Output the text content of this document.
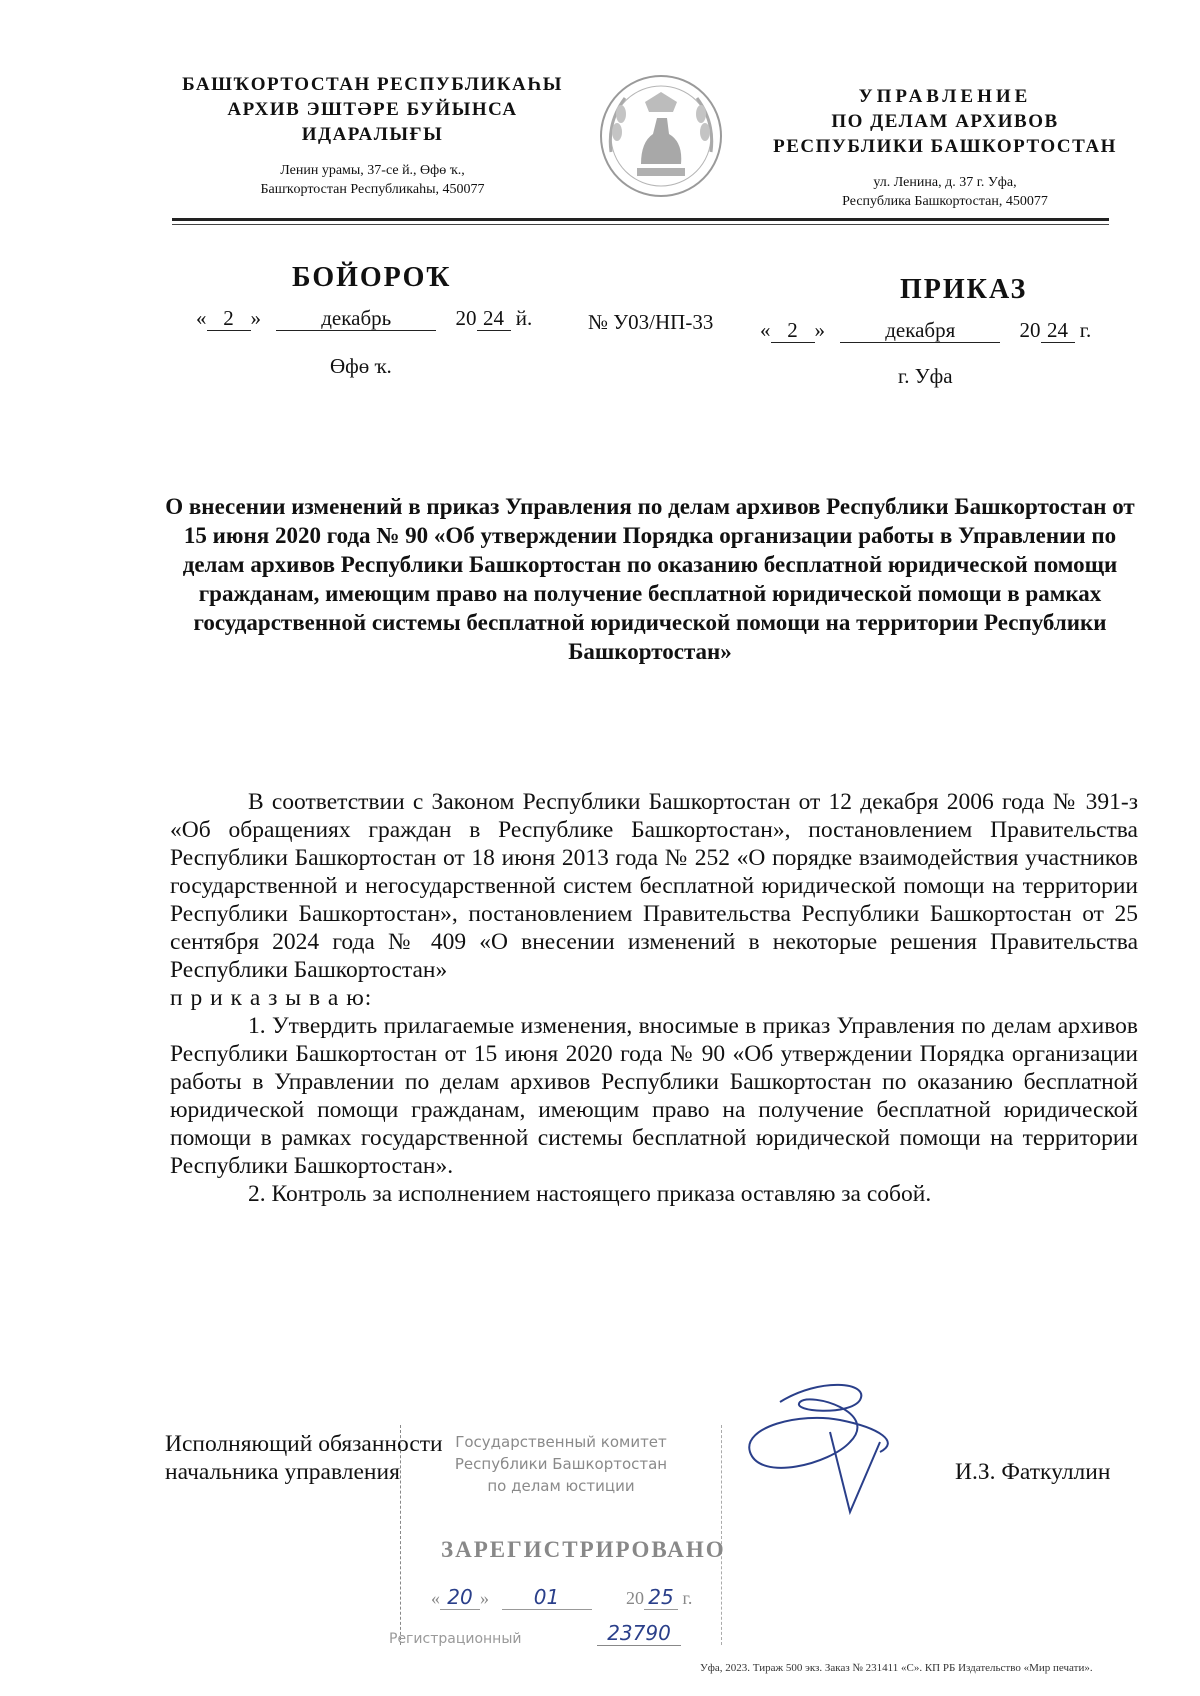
БАШҠОРТОСТАН РЕСПУБЛИКАҺЫ
АРХИВ ЭШТӘРЕ БУЙЫНСА
ИДАРАЛЫҒЫ
Ленин урамы, 37-се й., Өфө ҡ.,
Башҡортостан Республикаһы, 450077
УПРАВЛЕНИЕ
ПО ДЕЛАМ АРХИВОВ
РЕСПУБЛИКИ БАШКОРТОСТАН
ул. Ленина, д. 37 г. Уфа,
Республика Башкортостан, 450077
БОЙОРОҠ	ПРИКАЗ
« 2 »	декабрь	20 24 й.
Өфө ҡ.
№ У03/НП-33 « 2 »	декабря	20 24 г.
г. Уфа
О внесении изменений в приказ Управления по делам архивов Республики Башкортостан от 15 июня 2020 года № 90 «Об утверждении Порядка организации работы в Управлении по делам архивов Республики Башкортостан по оказанию бесплатной юридической помощи гражданам, имеющим право на получение бесплатной юридической помощи в рамках государственной системы бесплатной юридической помощи на территории Республики Башкортостан»

В соответствии с Законом Республики Башкортостан от 12 декабря 2006 года № 391-з «Об обращениях граждан в Республике Башкортостан», постановлением Правительства Республики Башкортостан от 18 июня 2013 года № 252 «О порядке взаимодействия участников государственной и негосударственной систем бесплатной юридической помощи на территории Республики Башкортостан», постановлением Правительства Республики Башкортостан от 25 сентября 2024 года № 409 «О внесении изменений в некоторые решения Правительства Республики Башкортостан»

п р и к а з ы в а ю:

1. Утвердить прилагаемые изменения, вносимые в приказ Управления по делам архивов Республики Башкортостан от 15 июня 2020 года № 90 «Об утверждении Порядка организации работы в Управлении по делам архивов Республики Башкортостан по оказанию бесплатной юридической помощи гражданам, имеющим право на получение бесплатной юридической помощи в рамках государственной системы бесплатной юридической помощи на территории Республики Башкортостан».

2. Контроль за исполнением настоящего приказа оставляю за собой.

Исполняющий обязанности
начальника управления	И.З. Фаткуллин
Государственный комитет
Республики Башкортостан
по делам юстиции
ЗАРЕГИСТРИРОВАНО
« 20 » 01	20 25 г.
Регистрационный	23790
Уфа, 2023. Тираж 500 экз. Заказ № 231411 «С». КП РБ Издательство «Мир печати».
